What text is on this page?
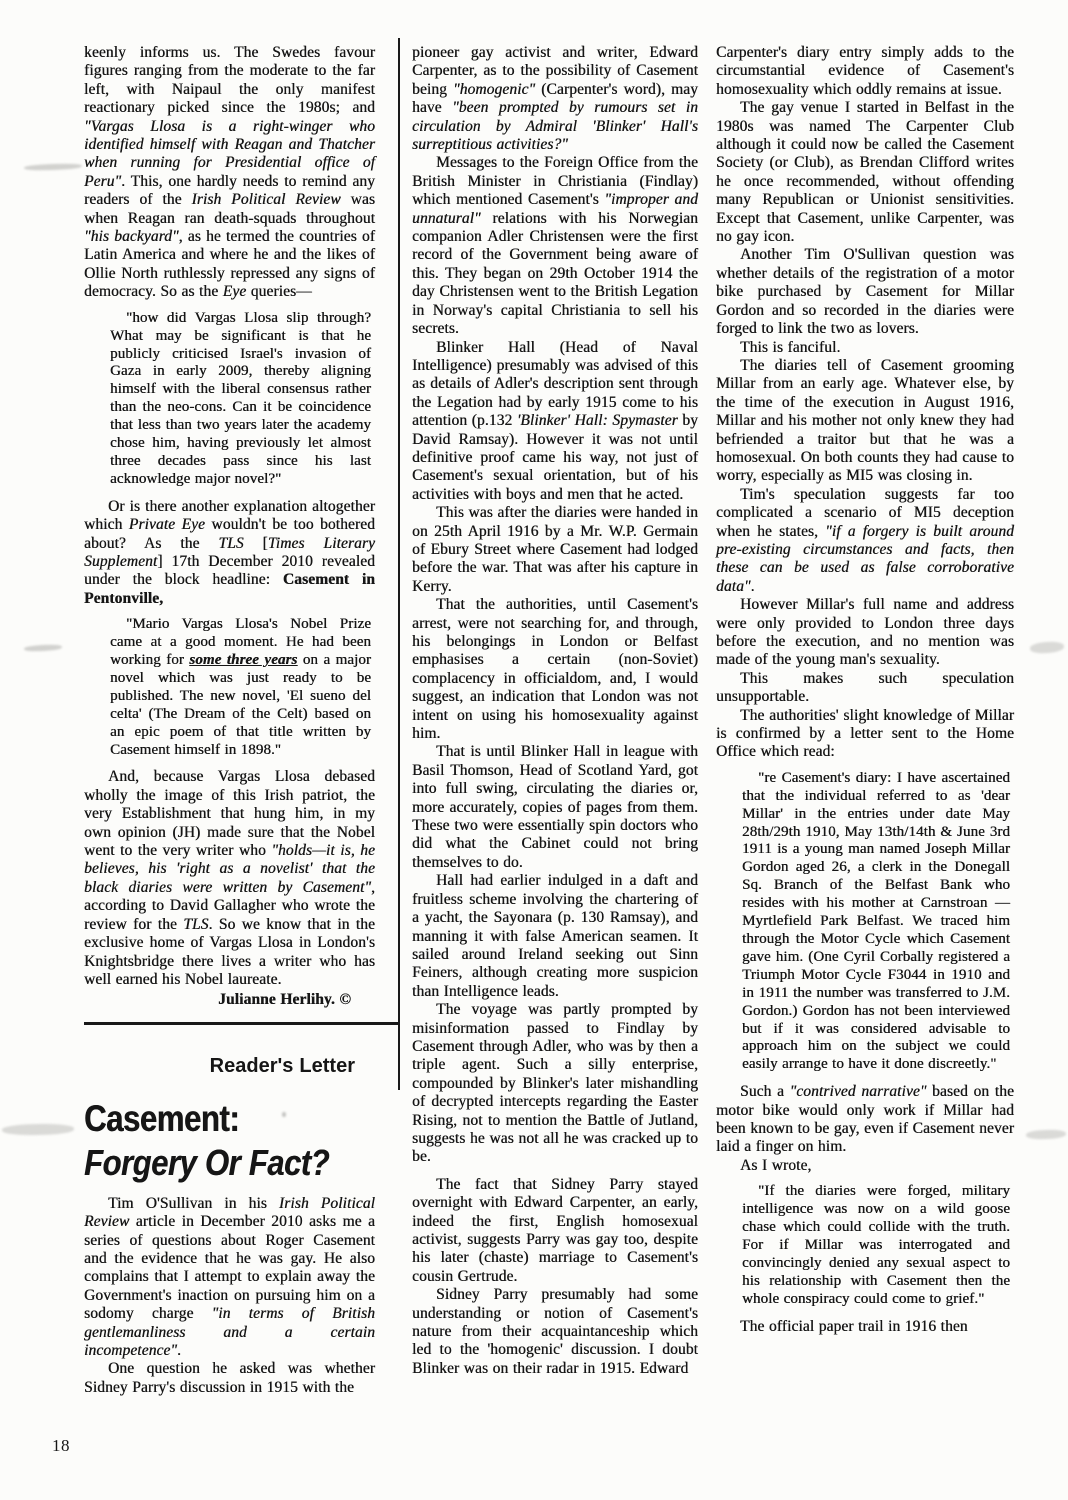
keenly informs us. The Swedes favour figures ranging from the moderate to the far left, with Naipaul the only manifest reactionary picked since the 1980s; and "Vargas Llosa is a right-winger who identified himself with Reagan and Thatcher when running for Presidential office of Peru". This, one hardly needs to remind any readers of the Irish Political Review was when Reagan ran death-squads throughout "his backyard", as he termed the countries of Latin America and where he and the likes of Ollie North ruthlessly repressed any signs of democracy. So as the Eye queries—

"how did Vargas Llosa slip through? What may be significant is that he publicly criticised Israel's invasion of Gaza in early 2009, thereby aligning himself with the liberal consensus rather than the neo-cons. Can it be coincidence that less than two years later the academy chose him, having previously let almost three decades pass since his last acknowledge major novel?"

Or is there another explanation altogether which Private Eye wouldn't be too bothered about? As the TLS [Times Literary Supplement] 17th December 2010 revealed under the block headline: Casement in Pentonville,

"Mario Vargas Llosa's Nobel Prize came at a good moment. He had been working for some three years on a major novel which was just ready to be published. The new novel, 'El sueno del celta' (The Dream of the Celt) based on an epic poem of that title written by Casement himself in 1898."

And, because Vargas Llosa debased wholly the image of this Irish patriot, the very Establishment that hung him, in my own opinion (JH) made sure that the Nobel went to the very writer who "holds—it is, he believes, his 'right as a novelist' that the black diaries were written by Casement", according to David Gallagher who wrote the review for the TLS. So we know that in the exclusive home of Vargas Llosa in London's Knightsbridge there lives a writer who has well earned his Nobel laureate.

Julianne Herlihy. ©
Reader's Letter
Casement:
Forgery Or Fact?

Tim O'Sullivan in his Irish Political Review article in December 2010 asks me a series of questions about Roger Casement and the evidence that he was gay. He also complains that I attempt to explain away the Government's inaction on pursuing him on a sodomy charge "in terms of British gentlemanliness and a certain incompetence".

One question he asked was whether Sidney Parry's discussion in 1915 with the

pioneer gay activist and writer, Edward Carpenter, as to the possibility of Casement being "homogenic" (Carpenter's word), may have "been prompted by rumours set in circulation by Admiral 'Blinker' Hall's surreptitious activities?"

Messages to the Foreign Office from the British Minister in Christiania (Findlay) which mentioned Casement's "improper and unnatural" relations with his Norwegian companion Adler Christensen were the first record of the Government being aware of this. They began on 29th October 1914 the day Christensen went to the British Legation in Norway's capital Christiania to sell his secrets.

Blinker Hall (Head of Naval Intelligence) presumably was advised of this as details of Adler's description sent through the Legation had by early 1915 come to his attention (p.132 'Blinker' Hall: Spymaster by David Ramsay). However it was not until definitive proof came his way, not just of Casement's sexual orientation, but of his activities with boys and men that he acted.

This was after the diaries were handed in on 25th April 1916 by a Mr. W.P. Germain of Ebury Street where Casement had lodged before the war. That was after his capture in Kerry.

That the authorities, until Casement's arrest, were not searching for, and through, his belongings in London or Belfast emphasises a certain (non-Soviet) complacency in officialdom, and, I would suggest, an indication that London was not intent on using his homosexuality against him.

That is until Blinker Hall in league with Basil Thomson, Head of Scotland Yard, got into full swing, circulating the diaries or, more accurately, copies of pages from them. These two were essentially spin doctors who did what the Cabinet could not bring themselves to do.

Hall had earlier indulged in a daft and fruitless scheme involving the chartering of a yacht, the Sayonara (p. 130 Ramsay), and manning it with false American seamen. It sailed around Ireland seeking out Sinn Feiners, although creating more suspicion than Intelligence leads.

The voyage was partly prompted by misinformation passed to Findlay by Casement through Adler, who was by then a triple agent. Such a silly enterprise, compounded by Blinker's later mishandling of decrypted intercepts regarding the Easter Rising, not to mention the Battle of Jutland, suggests he was not all he was cracked up to be.

The fact that Sidney Parry stayed overnight with Edward Carpenter, an early, indeed the first, English homosexual activist, suggests Parry was gay too, despite his later (chaste) marriage to Casement's cousin Gertrude.

Sidney Parry presumably had some understanding or notion of Casement's nature from their acquaintanceship which led to the 'homogenic' discussion. I doubt Blinker was on their radar in 1915. Edward

Carpenter's diary entry simply adds to the circumstantial evidence of Casement's homosexuality which oddly remains at issue.

The gay venue I started in Belfast in the 1980s was named The Carpenter Club although it could now be called the Casement Society (or Club), as Brendan Clifford writes he once recommended, without offending many Republican or Unionist sensitivities. Except that Casement, unlike Carpenter, was no gay icon.

Another Tim O'Sullivan question was whether details of the registration of a motor bike purchased by Casement for Millar Gordon and so recorded in the diaries were forged to link the two as lovers.

This is fanciful.

The diaries tell of Casement grooming Millar from an early age. Whatever else, by the time of the execution in August 1916, Millar and his mother not only knew they had befriended a traitor but that he was a homosexual. On both counts they had cause to worry, especially as MI5 was closing in.

Tim's speculation suggests far too complicated a scenario of MI5 deception when he states, "if a forgery is built around pre-existing circumstances and facts, then these can be used as false corroborative data".

However Millar's full name and address were only provided to London three days before the execution, and no mention was made of the young man's sexuality.

This makes such speculation unsupportable.

The authorities' slight knowledge of Millar is confirmed by a letter sent to the Home Office which read:

"re Casement's diary: I have ascertained that the individual referred to as 'dear Millar' in the entries under date May 28th/29th 1910, May 13th/14th & June 3rd 1911 is a young man named Joseph Millar Gordon aged 26, a clerk in the Donegall Sq. Branch of the Belfast Bank who resides with his mother at Carnstroan —Myrtlefield Park Belfast. We traced him through the Motor Cycle which Casement gave him. (One Cyril Corbally registered a Triumph Motor Cycle F3044 in 1910 and in 1911 the number was transferred to J.M. Gordon.) Gordon has not been interviewed but if it was considered advisable to approach him on the subject we could easily arrange to have it done discreetly."

Such a "contrived narrative" based on the motor bike would only work if Millar had been known to be gay, even if Casement never laid a finger on him.

As I wrote,

"If the diaries were forged, military intelligence was now on a wild goose chase which could collide with the truth. For if Millar was interrogated and convincingly denied any sexual aspect to his relationship with Casement then the whole conspiracy could come to grief."

The official paper trail in 1916 then

18
